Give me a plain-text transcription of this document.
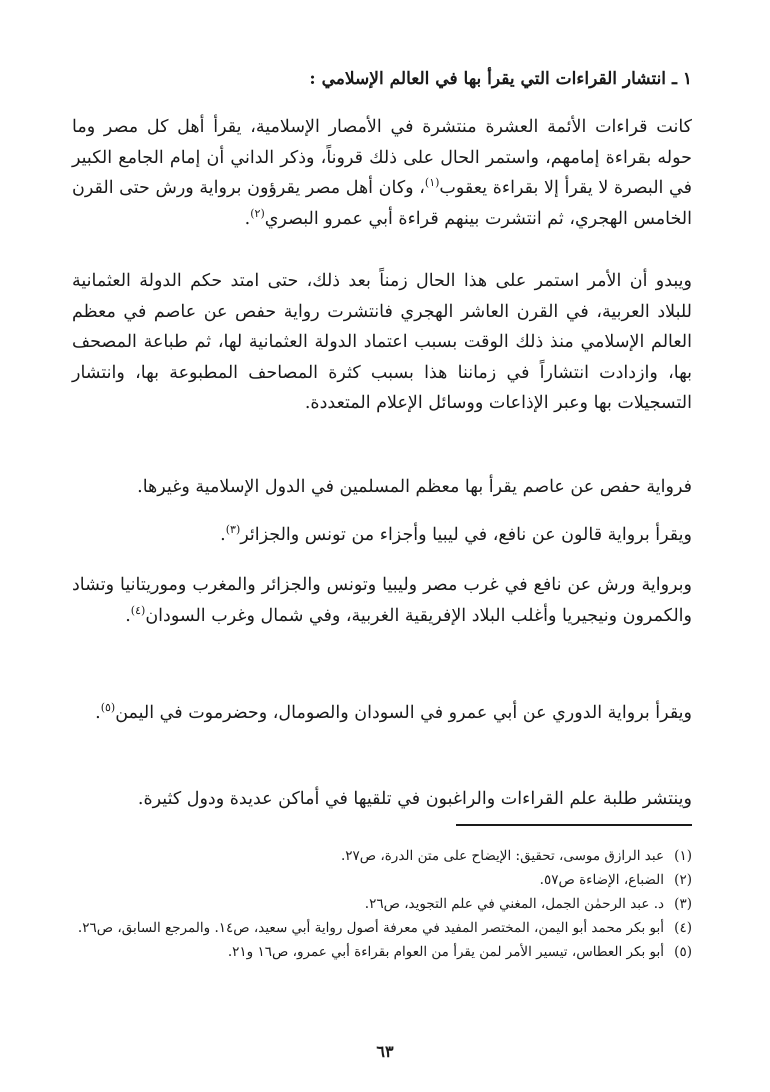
١ ـ انتشار القراءات التي يقرأ بها في العالم الإسلامي :

كانت قراءات الأئمة العشرة منتشرة في الأمصار الإسلامية، يقرأ أهل كل مصر وما حوله بقراءة إمامهم، واستمر الحال على ذلك قروناً، وذكر الداني أن إمام الجامع الكبير في البصرة لا يقرأ إلا بقراءة يعقوب$^{(١)}$، وكان أهل مصر يقرؤون برواية ورش حتى القرن الخامس الهجري، ثم انتشرت بينهم قراءة أبي عمرو البصري$^{(٢)}$.

ويبدو أن الأمر استمر على هذا الحال زمناً بعد ذلك، حتى امتد حكم الدولة العثمانية للبلاد العربية، في القرن العاشر الهجري فانتشرت رواية حفص عن عاصم في معظم العالم الإسلامي منذ ذلك الوقت بسبب اعتماد الدولة العثمانية لها، ثم طباعة المصحف بها، وازدادت انتشاراً في زماننا هذا بسبب كثرة المصاحف المطبوعة بها، وانتشار التسجيلات بها وعبر الإذاعات ووسائل الإعلام المتعددة.

فرواية حفص عن عاصم يقرأ بها معظم المسلمين في الدول الإسلامية وغيرها.

ويقرأ برواية قالون عن نافع، في ليبيا وأجزاء من تونس والجزائر$^{(٣)}$.

وبرواية ورش عن نافع في غرب مصر وليبيا وتونس والجزائر والمغرب وموريتانيا وتشاد والكمرون ونيجيريا وأغلب البلاد الإفريقية الغربية، وفي شمال وغرب السودان$^{(٤)}$.

ويقرأ برواية الدوري عن أبي عمرو في السودان والصومال، وحضرموت في اليمن$^{(٥)}$.

وينتشر طلبة علم القراءات والراغبون في تلقيها في أماكن عديدة ودول كثيرة.

(١)
عبد الرازق موسى، تحقيق: الإيضاح على متن الدرة، ص٢٧.
(٢)
الضباع، الإضاءة ص٥٧.
(٣)
د. عبد الرحمٰن الجمل، المغني في علم التجويد، ص٢٦.
(٤)
أبو بكر محمد أبو اليمن، المختصر المفيد في معرفة أصول رواية أبي سعيد، ص١٤. والمرجع السابق، ص٢٦.
(٥)
أبو بكر العطاس، تيسير الأمر لمن يقرأ من العوام بقراءة أبي عمرو، ص١٦ و٢١.
٦٣
